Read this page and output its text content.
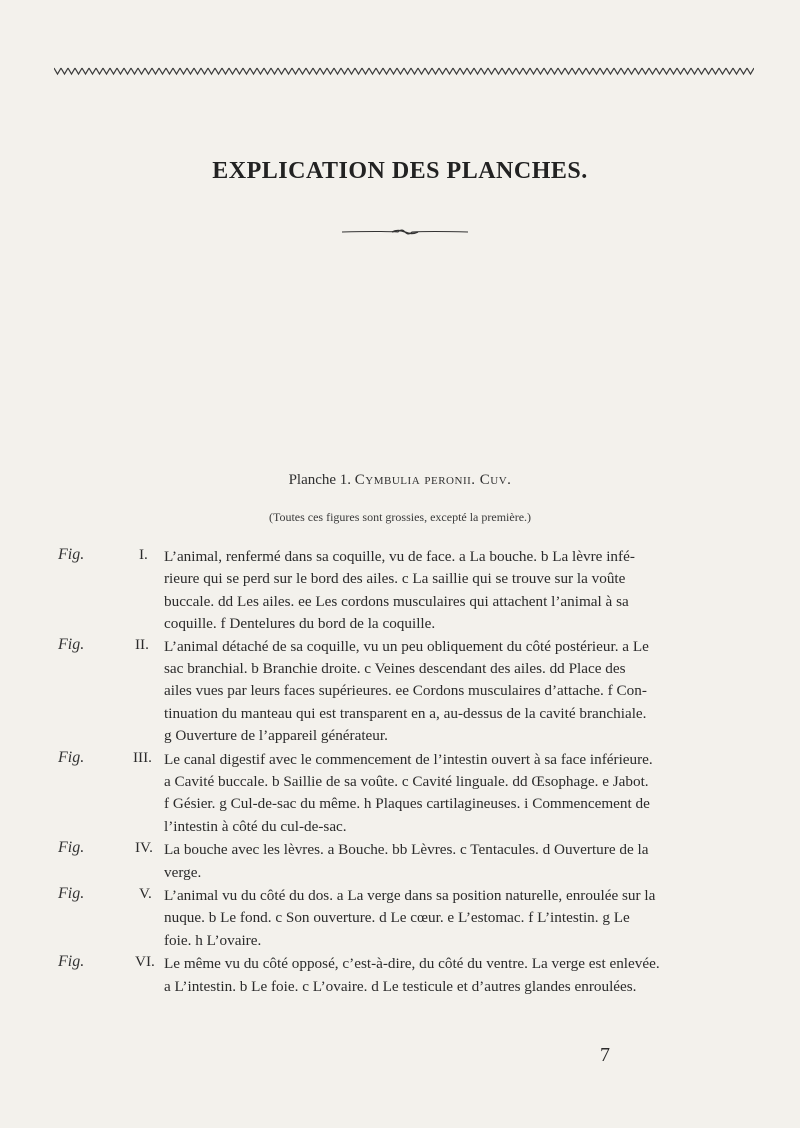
EXPLICATION DES PLANCHES.
Planche 1. Cymbulia peronii. Cuv.
(Toutes ces figures sont grossies, excepté la première.)
Fig.	I. L’animal, renfermé dans sa coquille, vu de face. a La bouche. b La lèvre infé-
rieure qui se perd sur le bord des ailes. c La saillie qui se trouve sur la voûte
buccale. dd Les ailes. ee Les cordons musculaires qui attachent l’animal à sa
coquille. f Dentelures du bord de la coquille.
Fig.	II. L’animal détaché de sa coquille, vu un peu obliquement du côté postérieur. a Le
sac branchial. b Branchie droite. c Veines descendant des ailes. dd Place des
ailes vues par leurs faces supérieures. ee Cordons musculaires d’attache. f Con-
tinuation du manteau qui est transparent en a, au-dessus de la cavité branchiale.
g Ouverture de l’appareil générateur.
Fig.	III. Le canal digestif avec le commencement de l’intestin ouvert à sa face inférieure.
a Cavité buccale. b Saillie de sa voûte. c Cavité linguale. dd Œsophage. e Jabot.
f Gésier. g Cul-de-sac du même. h Plaques cartilagineuses. i Commencement de
l’intestin à côté du cul-de-sac.
Fig.	IV. La bouche avec les lèvres. a Bouche. bb Lèvres. c Tentacules. d Ouverture de la
verge.
Fig.	V. L’animal vu du côté du dos. a La verge dans sa position naturelle, enroulée sur la
nuque. b Le fond. c Son ouverture. d Le cœur. e L’estomac. f L’intestin. g Le
foie. h L’ovaire.
Fig.	VI. Le même vu du côté opposé, c’est-à-dire, du côté du ventre. La verge est enlevée.
a L’intestin. b Le foie. c L’ovaire. d Le testicule et d’autres glandes enroulées.
7
